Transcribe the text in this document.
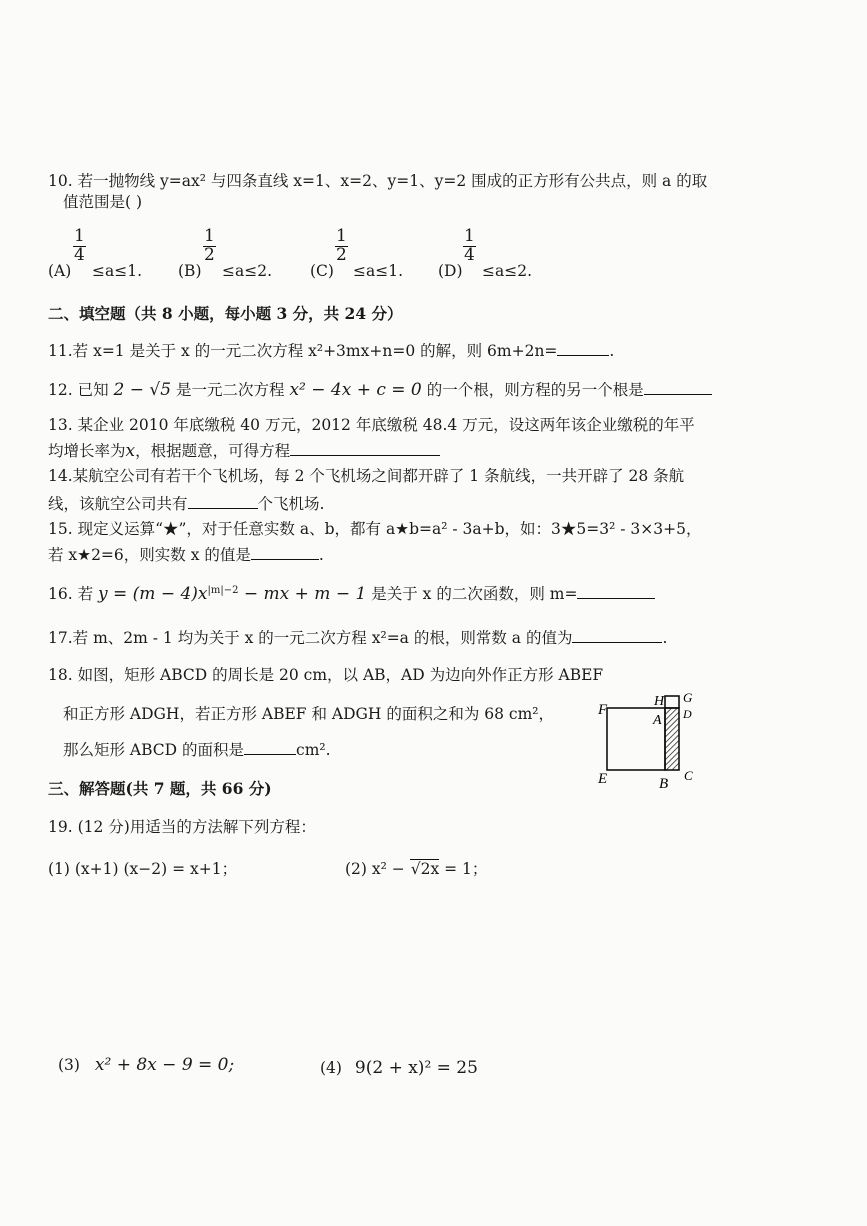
10. 若一抛物线 y=ax² 与四条直线 x=1、x=2、y=1、y=2 围成的正方形有公共点，则 a 的取
值范围是( )
(A)
$\frac{1}{4}$
≤a≤1. (B)
$\frac{1}{2}$
≤a≤2. (C)
$\frac{1}{2}$
≤a≤1. (D)
$\frac{1}{4}$
≤a≤2.
二、填空题（共 8 小题，每小题 3 分，共 24 分）
11.若 x=1 是关于 x 的一元二次方程 x²+3mx+n=0 的解，则 6m+2n=	.
12. 已知 2 − √5 是一元二次方程 x² − 4x + c = 0 的一个根，则方程的另一个根是
13. 某企业 2010 年底缴税 40 万元，2012 年底缴税 48.4 万元，设这两年该企业缴税的年平
均增长率为x，根据题意，可得方程
14.某航空公司有若干个飞机场，每 2 个飞机场之间都开辟了 1 条航线，一共开辟了 28 条航
线，该航空公司共有	个飞机场.
15. 现定义运算“★”，对于任意实数 a、b，都有 a★b=a² - 3a+b，如：3★5=3² - 3×3+5，
若 x★2=6，则实数 x 的值是	.
16. 若 $y = (m - 4)x^{|m|-2}$ − mx + m − 1 是关于 x 的二次函数，则 m=
17.若 m、2m - 1 均为关于 x 的一元二次方程 x²=a 的根，则常数 a 的值为	.
18. 如图，矩形 ABCD 的周长是 20 cm，以 AB，AD 为边向外作正方形 ABEF
和正方形 ADGH，若正方形 ABEF 和 ADGH 的面积之和为 68 cm²，
那么矩形 ABCD 的面积是	cm².
F
H G
A D
E	B
C
三、解答题(共 7 题，共 66 分)
19. (12 分)用适当的方法解下列方程：
(1) (x+1) (x−2) = x+1；	(2) x² − √2x = 1；
(3) x² + 8x − 9 = 0;	(4) 9(2 + x)² = 25
